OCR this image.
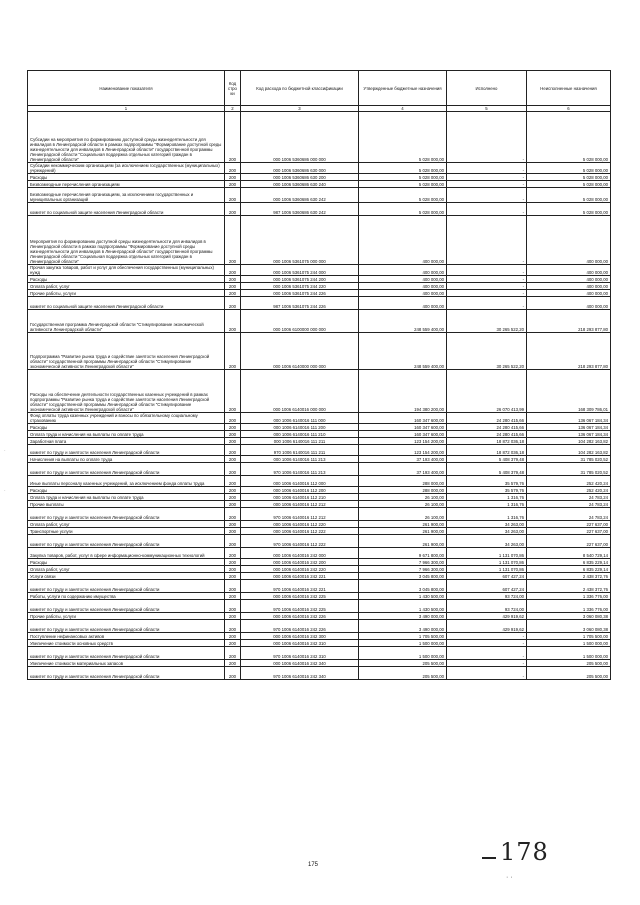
Наименование показателя	Код стро ки	Код расхода по бюджетной классификации	Утвержденные бюджетные назначения	Исполнено	Неисполненные назначения
1	2	3	4	5	6
Субсидии на мероприятия по формированию доступной среды жизнедеятельности для инвалидов в Ленинградской области в рамках подпрограммы "Формирование доступной среды жизнедеятельности для инвалидов в Ленинградской области" государственной программы Ленинградской области "Социальная поддержка отдельных категорий граждан в Ленинградской области"	200	000 1006 5360686 000 000	5 028 000,00	-	5 028 000,00
Субсидии некоммерческим организациям (за исключением государственных (муниципальных) учреждений)	200	000 1006 5360686 630 000	5 028 000,00	-	5 028 000,00
Расходы	200	000 1006 5360686 630 200	5 028 000,00	-	5 028 000,00
Безвозмездные перечисления организациям	200	000 1006 5360686 630 240	5 028 000,00	-	5 028 000,00
Безвозмездные перечисления организациям, за исключением государственных и муниципальных организаций	200	000 1006 5360686 630 242	5 028 000,00	-	5 028 000,00
комитет по социальной защите населения Ленинградской области	200	987 1006 5360686 630 242	5 028 000,00	-	5 028 000,00
Мероприятия по формированию доступной среды жизнедеятельности для инвалидов в Ленинградской области в рамках подпрограммы "Формирование доступной среды жизнедеятельности для инвалидов в Ленинградской области" государственной программы Ленинградской области "Социальная поддержка отдельных категорий граждан в Ленинградской области"	200	000 1006 5361075 000 000	400 000,00	-	400 000,00
Прочая закупка товаров, работ и услуг для обеспечения государственных (муниципальных) нужд	200	000 1006 5361075 244 000	400 000,00	-	400 000,00
Расходы	200	000 1006 5361075 244 200	400 000,00	-	400 000,00
Оплата работ, услуг	200	000 1006 5361075 244 220	400 000,00	-	400 000,00
Прочие работы, услуги	200	000 1006 5361075 244 226	400 000,00	-	400 000,00
комитет по социальной защите населения Ленинградской области	200	987 1006 5361075 244 226	400 000,00	-	400 000,00
Государственная программа Ленинградской области "Стимулирование экономической активности Ленинградской области"	200	000 1006 6100000 000 000	248 559 400,00	30 265 522,20	218 293 877,80
Подпрограмма "Развитие рынка труда и содействие занятости населения Ленинградской области" государственной программы Ленинградской области "Стимулирование экономической активности Ленинградской области"	200	000 1006 6140000 000 000	248 559 400,00	30 265 522,20	218 293 877,80
Расходы на обеспечение деятельности государственных казенных учреждений в рамках подпрограммы "Развитие рынка труда и содействие занятости населения Ленинградской области" государственной программы Ленинградской области "Стимулирование экономической активности Ленинградской области"	200	000 1006 6140016 000 000	194 380 200,00	26 070 413,99	168 309 786,01
Фонд оплаты труда казенных учреждений и взносы по обязательному социальному страхованию	200	000 1006 6140016 111 000	160 347 600,00	24 280 415,66	136 067 184,34
Расходы	200	000 1006 6140016 111 200	160 347 600,00	24 280 415,66	136 067 184,34
Оплата труда и начисления на выплаты по оплате труда	200	000 1006 6140016 111 210	160 347 600,00	24 280 415,66	136 067 184,34
Заработная плата	200	000 1006 6140016 111 211	123 154 200,00	18 872 036,18	104 282 163,82
комитет по труду и занятости населения Ленинградской области	200	970 1006 6140016 111 211	123 154 200,00	18 872 036,18	104 282 163,82
Начисления на выплаты по оплате труда	200	000 1006 6140016 111 213	37 193 400,00	5 408 379,48	31 785 020,52
комитет по труду и занятости населения Ленинградской области	200	970 1006 6140016 111 213	37 193 400,00	5 408 379,48	31 785 020,52
Иные выплаты персоналу казенных учреждений, за исключением фонда оплаты труда	200	000 1006 6140016 112 000	288 000,00	35 579,76	252 420,24
Расходы	200	000 1006 6140016 112 200	288 000,00	35 579,76	252 420,24
Оплата труда и начисления на выплаты по оплате труда	200	000 1006 6140016 112 210	26 100,00	1 316,76	24 783,24
Прочие выплаты	200	000 1006 6140016 112 212	26 100,00	1 316,76	24 783,24
комитет по труду и занятости населения Ленинградской области	200	970 1006 6140016 112 212	26 100,00	1 316,76	24 783,24
Оплата работ, услуг	200	000 1006 6140016 112 220	261 900,00	34 263,00	227 637,00
Транспортные услуги	200	000 1006 6140016 112 222	261 900,00	34 263,00	227 637,00
комитет по труду и занятости населения Ленинградской области	200	970 1006 6140016 112 222	261 900,00	34 263,00	227 637,00
Закупка товаров, работ, услуг в сфере информационно-коммуникационных технологий	200	000 1006 6140016 242 000	9 671 800,00	1 131 070,86	8 540 729,14
Расходы	200	000 1006 6140016 242 200	7 966 300,00	1 131 070,86	6 835 229,14
Оплата работ, услуг	200	000 1006 6140016 242 220	7 966 300,00	1 131 070,86	6 835 229,14
Услуги связи	200	000 1006 6140016 242 221	3 045 800,00	607 427,24	2 438 372,76
комитет по труду и занятости населения Ленинградской области	200	970 1006 6140016 242 221	3 045 800,00	607 427,24	2 438 372,76
Работы, услуги по содержанию имущества	200	000 1006 6140016 242 225	1 430 500,00	93 724,00	1 336 776,00
комитет по труду и занятости населения Ленинградской области	200	970 1006 6140016 242 225	1 430 500,00	93 724,00	1 336 776,00
Прочие работы, услуги	200	000 1006 6140016 242 226	3 490 000,00	429 919,62	3 060 080,38
комитет по труду и занятости населения Ленинградской области	200	970 1006 6140016 242 226	3 490 000,00	429 919,62	3 060 080,38
Поступление нефинансовых активов	200	000 1006 6140016 242 300	1 705 500,00	-	1 705 500,00
Увеличение стоимости основных средств	200	000 1006 6140016 242 310	1 500 000,00	-	1 500 000,00
комитет по труду и занятости населения Ленинградской области	200	970 1006 6140016 242 310	1 500 000,00	-	1 500 000,00
Увеличение стоимости материальных запасов	200	000 1006 6140016 242 340	205 500,00	-	205 500,00
комитет по труду и занятости населения Ленинградской области	200	970 1006 6140016 242 340	205 500,00	-	205 500,00
178
· ·
175
·
·
